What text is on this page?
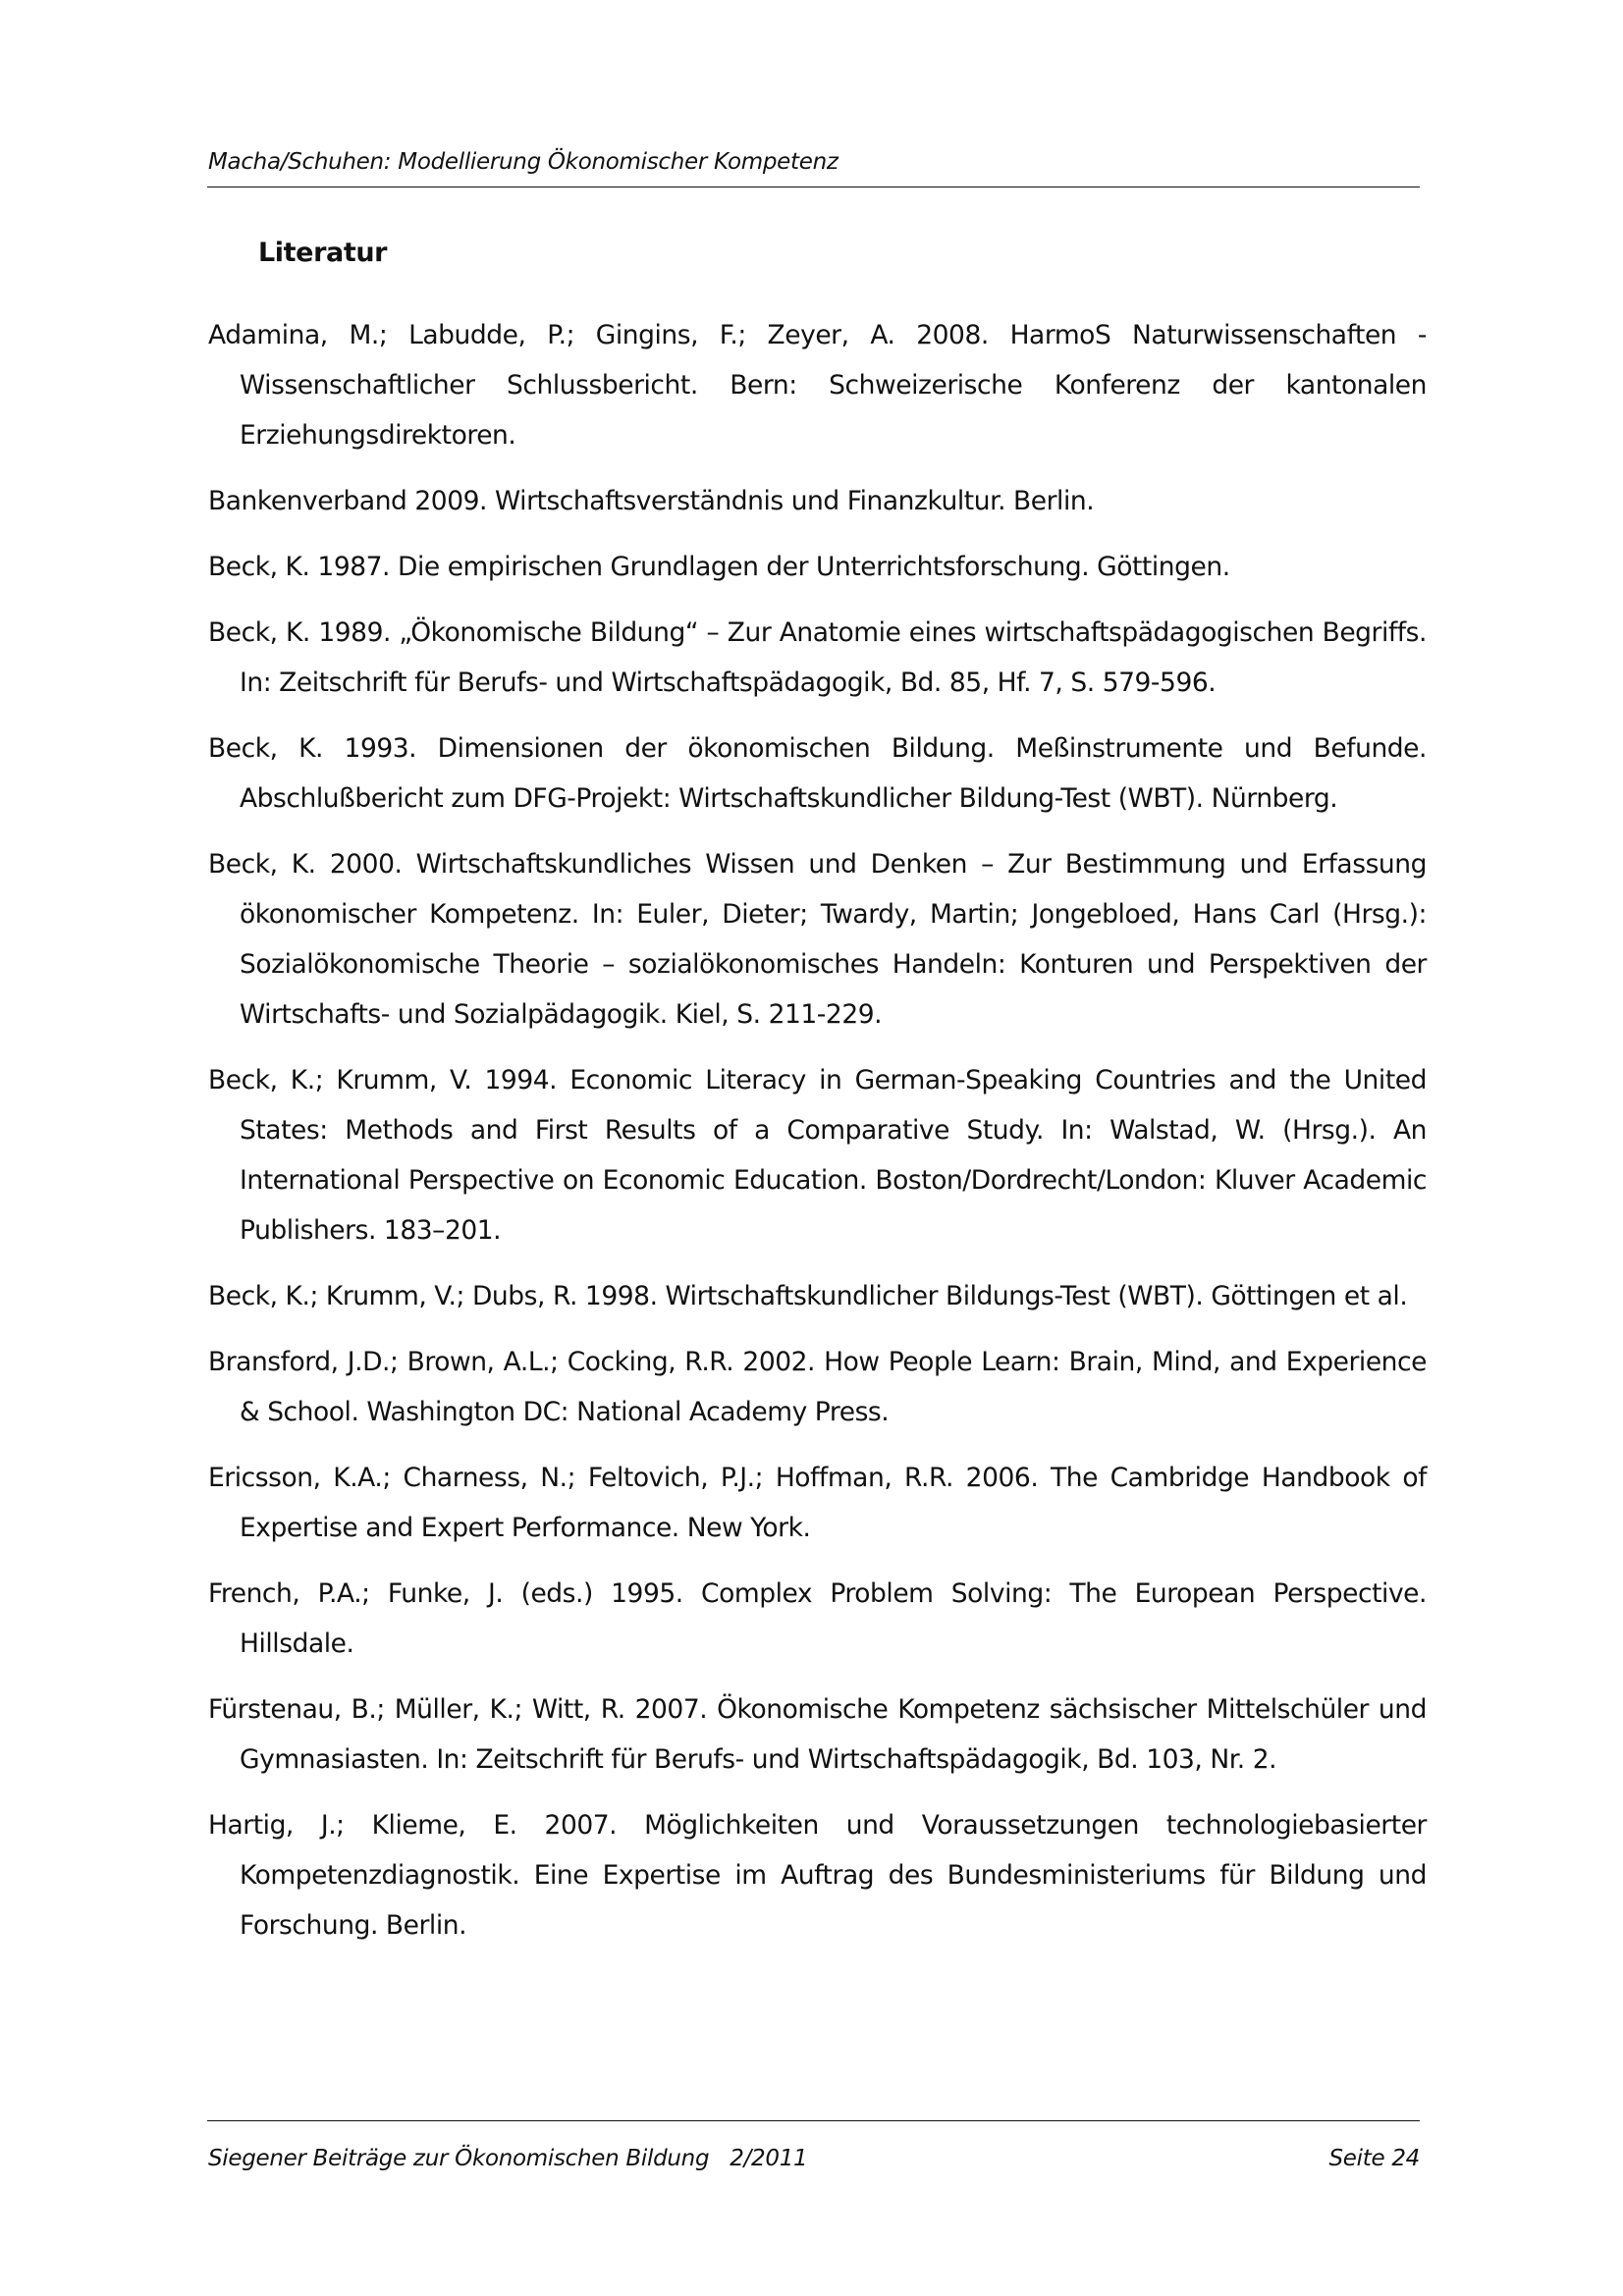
Macha/Schuhen: Modellierung Ökonomischer Kompetenz
Literatur
Adamina, M.; Labudde, P.; Gingins, F.; Zeyer, A. 2008. HarmoS Naturwissenschaften - Wissenschaftlicher Schlussbericht. Bern: Schweizerische Konferenz der kantonalen Erziehungsdirektoren.
Bankenverband 2009. Wirtschaftsverständnis und Finanzkultur. Berlin.
Beck, K. 1987. Die empirischen Grundlagen der Unterrichtsforschung. Göttingen.
Beck, K. 1989. „Ökonomische Bildung“ – Zur Anatomie eines wirtschaftspädagogischen Begriffs. In: Zeitschrift für Berufs- und Wirtschaftspädagogik, Bd. 85, Hf. 7, S. 579-596.
Beck, K. 1993. Dimensionen der ökonomischen Bildung. Meßinstrumente und Befunde. Abschlußbericht zum DFG-Projekt: Wirtschaftskundlicher Bildung-Test (WBT). Nürnberg.
Beck, K. 2000. Wirtschaftskundliches Wissen und Denken – Zur Bestimmung und Erfassung ökonomischer Kompetenz. In: Euler, Dieter; Twardy, Martin; Jongebloed, Hans Carl (Hrsg.): Sozialökonomische Theorie – sozialökonomisches Handeln: Konturen und Perspektiven der Wirtschafts- und Sozialpädagogik. Kiel, S. 211-229.
Beck, K.; Krumm, V. 1994. Economic Literacy in German-Speaking Countries and the United States: Methods and First Results of a Comparative Study. In: Walstad, W. (Hrsg.). An International Perspective on Economic Education. Boston/Dordrecht/London: Kluver Academic Publishers. 183–201.
Beck, K.; Krumm, V.; Dubs, R. 1998. Wirtschaftskundlicher Bildungs-Test (WBT). Göttingen et al.
Bransford, J.D.; Brown, A.L.; Cocking, R.R. 2002. How People Learn: Brain, Mind, and Experience & School. Washington DC: National Academy Press.
Ericsson, K.A.; Charness, N.; Feltovich, P.J.; Hoffman, R.R. 2006. The Cambridge Handbook of Expertise and Expert Performance. New York.
French, P.A.; Funke, J. (eds.) 1995. Complex Problem Solving: The European Perspective. Hillsdale.
Fürstenau, B.; Müller, K.; Witt, R. 2007. Ökonomische Kompetenz sächsischer Mittelschüler und Gymnasiasten. In: Zeitschrift für Berufs- und Wirtschaftspädagogik, Bd. 103, Nr. 2.
Hartig, J.; Klieme, E. 2007. Möglichkeiten und Voraussetzungen technologiebasierter Kompetenzdiagnostik. Eine Expertise im Auftrag des Bundesministeriums für Bildung und Forschung. Berlin.
Siegener Beiträge zur Ökonomischen Bildung   2/2011	Seite 24
